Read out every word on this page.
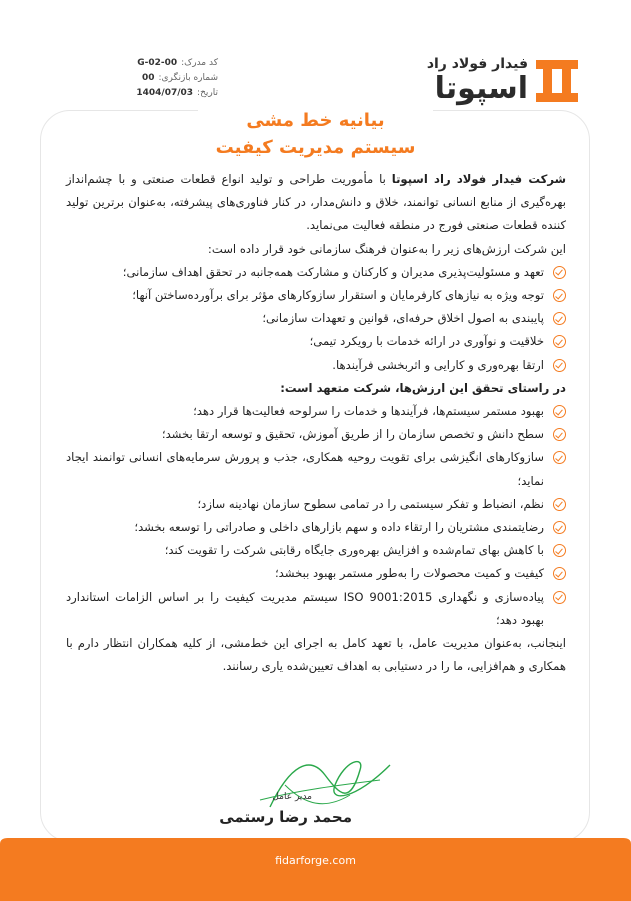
کد مدرک:
G-02-00
شماره بازنگری:
00
تاریخ:
1404/07/03
فیدار فولاد راد
اسپوتا
بیانیه خط مشی
سیستم مدیریت کیفیت

شرکت فیدار فولاد راد اسپوتا با مأموریت طراحی و تولید انواع قطعات صنعتی و با چشم‌انداز بهره‌گیری از منابع انسانی توانمند، خلاق و دانش‌مدار، در کنار فناوری‌های پیشرفته، به‌عنوان برترین تولید کننده قطعات صنعتی فورج در منطقه فعالیت می‌نماید.

این شرکت ارزش‌های زیر را به‌عنوان فرهنگ سازمانی خود قرار داده است:

تعهد و مسئولیت‌پذیری مدیران و کارکنان و مشارکت همه‌جانبه در تحقق اهداف سازمانی؛
توجه ویژه به نیازهای کارفرمایان و استقرار سازوکارهای مؤثر برای برآورده‌ساختن آنها؛
پایبندی به اصول اخلاق حرفه‌ای، قوانین و تعهدات سازمانی؛
خلاقیت و نوآوری در ارائه خدمات با رویکرد تیمی؛
ارتقا بهره‌وری و کارایی و اثربخشی فرآیندها.

در راستای تحقق این ارزش‌ها، شرکت متعهد است:

بهبود مستمر سیستم‌ها، فرآیندها و خدمات را سرلوحه فعالیت‌ها قرار دهد؛
سطح دانش و تخصص سازمان را از طریق آموزش، تحقیق و توسعه ارتقا بخشد؛
سازوکارهای انگیزشی برای تقویت روحیه همکاری، جذب و پرورش سرمایه‌های انسانی توانمند ایجاد نماید؛
نظم، انضباط و تفکر سیستمی را در تمامی سطوح سازمان نهادینه سازد؛
رضایتمندی مشتریان را ارتقاء داده و سهم بازارهای داخلی و صادراتی را توسعه بخشد؛
با کاهش بهای تمام‌شده و افزایش بهره‌وری جایگاه رقابتی شرکت را تقویت کند؛
کیفیت و کمیت محصولات را به‌طور مستمر بهبود ببخشد؛
پیاده‌سازی و نگهداری ISO 9001:2015 سیستم مدیریت کیفیت را بر اساس الزامات استاندارد بهبود دهد؛

اینجانب، به‌عنوان مدیریت عامل، با تعهد کامل به اجرای این خط‌مشی، از کلیه همکاران انتظار دارم با همکاری و هم‌افزایی، ما را در دستیابی به اهداف تعیین‌شده یاری رسانند.

مدیر عامل
محمد رضا رستمی
fidarforge.com
